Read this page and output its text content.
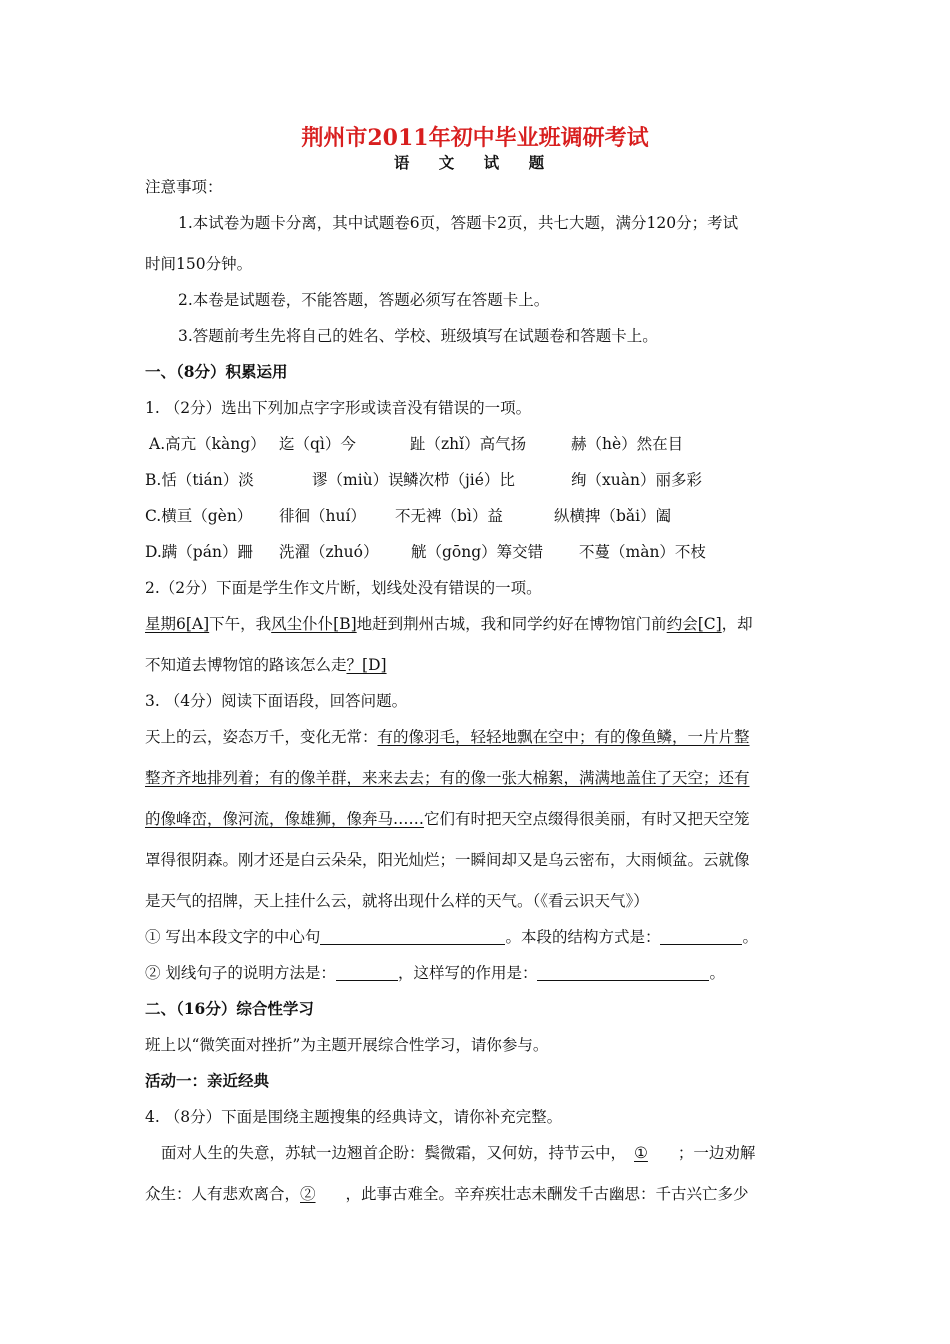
荆州市2011年初中毕业班调研考试
语 文 试 题
注意事项：
1.本试卷为题卡分离，其中试题卷6页，答题卡2页，共七大题，满分120分；考试
时间150分钟。
2.本卷是试题卷，不能答题，答题必须写在答题卡上。
3.答题前考生先将自己的姓名、学校、班级填写在试题卷和答题卡上。
一、（8分）积累运用
1. （2分）选出下列加点字字形或读音没有错误的一项。
A.高亢（kàng） 迄（qì）今	趾（zhǐ）高气扬	赫（hè）然在目
B.恬（tián）淡	谬（miù）误 鳞次栉（jié）比	绚（xuàn）丽多彩
C.横亘（gèn） 徘徊（huí） 不无裨（bì）益	纵横捭（bǎi）阖
D.蹒（pán）跚 洗濯（zhuó） 觥（gōng）筹交错 不蔓（màn）不枝
2.（2分）下面是学生作文片断，划线处没有错误的一项。
星期6[A]下午，我风尘仆仆[B]地赶到荆州古城，我和同学约好在博物馆门前约会[C]，却
不知道去博物馆的路该怎么走？[D]
3. （4分）阅读下面语段，回答问题。
天上的云，姿态万千，变化无常：有的像羽毛，轻轻地飘在空中；有的像鱼鳞，一片片整
整齐齐地排列着；有的像羊群，来来去去；有的像一张大棉絮，满满地盖住了天空；还有
的像峰峦，像河流，像雄狮，像奔马……它们有时把天空点缀得很美丽，有时又把天空笼
罩得很阴森。刚才还是白云朵朵，阳光灿烂；一瞬间却又是乌云密布，大雨倾盆。云就像
是天气的招牌，天上挂什么云，就将出现什么样的天气。（《看云识天气》）
① 写出本段文字的中心句	。本段的结构方式是：	。
② 划线句子的说明方法是：	，这样写的作用是：	。
二、（16分）综合性学习
班上以“微笑面对挫折”为主题开展综合性学习，请你参与。
活动一：亲近经典
4. （8分）下面是围绕主题搜集的经典诗文，请你补充完整。
面对人生的失意，苏轼一边翘首企盼：鬓微霜，又何妨，持节云中， ① ；一边劝解
众生：人有悲欢离合，② ，此事古难全。辛弃疾壮志未酬发千古幽思：千古兴亡多少
